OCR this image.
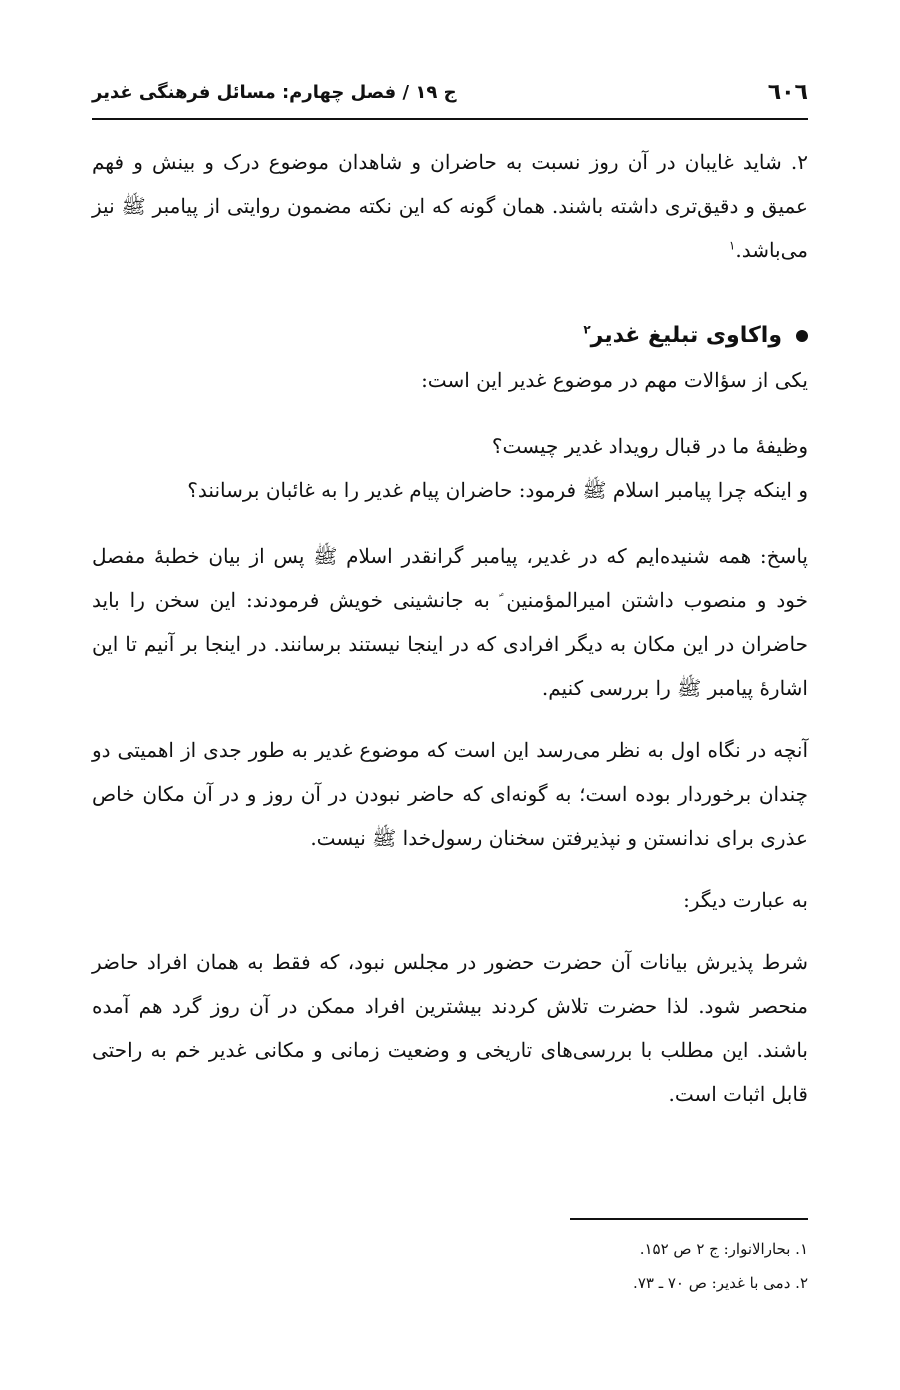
٦٠٦
ج ۱۹ / فصل چهارم: مسائل فرهنگی غدیر

۲. شاید غایبان در آن روز نسبت به حاضران و شاهدان موضوع درک و بینش و فهم عمیق و دقیق‌تری داشته باشند. همان گونه که این نکته مضمون روایتی از پیامبر ﷺ نیز می‌باشد.$^۱$

واکاوی تبلیغ غدیر$^۲$

یکی از سؤالات مهم در موضوع غدیر این است:

وظیفهٔ ما در قبال رویداد غدیر چیست؟

و اینکه چرا پیامبر اسلام ﷺ فرمود: حاضران پیام غدیر را به غائبان برسانند؟

پاسخ: همه شنیده‌ایم که در غدیر، پیامبر گرانقدر اسلام ﷺ پس از بیان خطبهٔ مفصل خود و منصوب داشتن امیرالمؤمنین ؑ به جانشینی خویش فرمودند: این سخن را باید حاضران در این مکان به دیگر افرادی که در اینجا نیستند برسانند. در اینجا بر آنیم تا این اشارهٔ پیامبر ﷺ را بررسی کنیم.

آنچه در نگاه اول به نظر می‌رسد این است که موضوع غدیر به طور جدی از اهمیتی دو چندان برخوردار بوده است؛ به گونه‌ای که حاضر نبودن در آن روز و در آن مکان خاص عذری برای ندانستن و نپذیرفتن سخنان رسول‌خدا ﷺ نیست.

به عبارت دیگر:

شرط پذیرش بیانات آن حضرت حضور در مجلس نبود، که فقط به همان افراد حاضر منحصر شود. لذا حضرت تلاش کردند بیشترین افراد ممکن در آن روز گرد هم آمده باشند. این مطلب با بررسی‌های تاریخی و وضعیت زمانی و مکانی غدیر خم به راحتی قابل اثبات است.

۱. بحارالانوار: ج ۲ ص ۱۵۲.
۲. دمی با غدیر: ص ۷۰ ـ ۷۳.
